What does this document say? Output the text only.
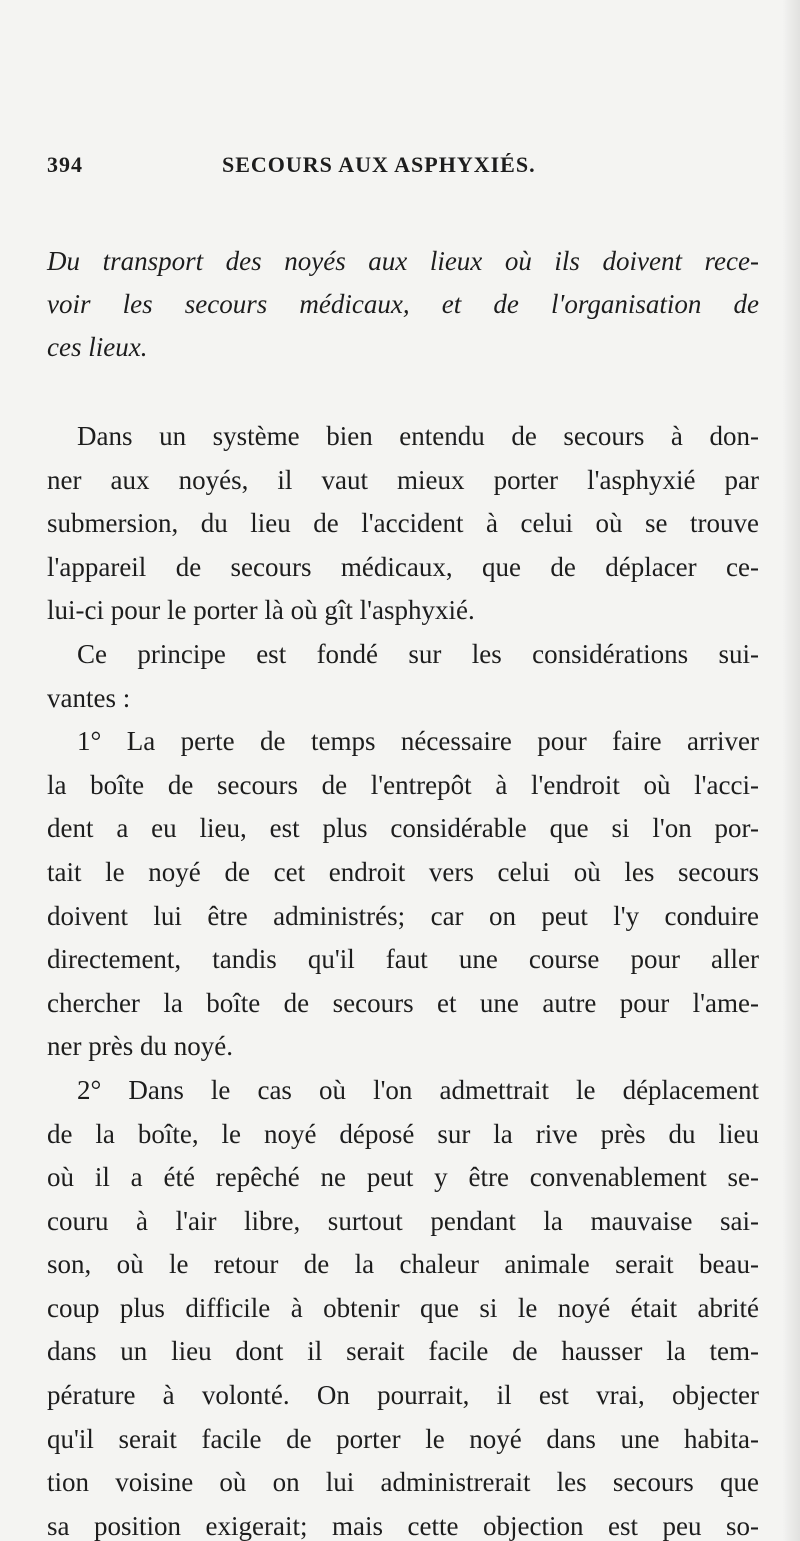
394	SECOURS AUX ASPHYXIÉS.
Du transport des noyés aux lieux où ils doivent rece-
voir les secours médicaux, et de l'organisation de
ces lieux.

Dans un système bien entendu de secours à don-
ner aux noyés, il vaut mieux porter l'asphyxié par
submersion, du lieu de l'accident à celui où se trouve
l'appareil de secours médicaux, que de déplacer ce-
lui-ci pour le porter là où gît l'asphyxié.

Ce principe est fondé sur les considérations sui-
vantes :

1° La perte de temps nécessaire pour faire arriver
la boîte de secours de l'entrepôt à l'endroit où l'acci-
dent a eu lieu, est plus considérable que si l'on por-
tait le noyé de cet endroit vers celui où les secours
doivent lui être administrés; car on peut l'y conduire
directement, tandis qu'il faut une course pour aller
chercher la boîte de secours et une autre pour l'ame-
ner près du noyé.

2° Dans le cas où l'on admettrait le déplacement
de la boîte, le noyé déposé sur la rive près du lieu
où il a été repêché ne peut y être convenablement se-
couru à l'air libre, surtout pendant la mauvaise sai-
son, où le retour de la chaleur animale serait beau-
coup plus difficile à obtenir que si le noyé était abrité
dans un lieu dont il serait facile de hausser la tem-
pérature à volonté. On pourrait, il est vrai, objecter
qu'il serait facile de porter le noyé dans une habita-
tion voisine où on lui administrerait les secours que
sa position exigerait; mais cette objection est peu so-
